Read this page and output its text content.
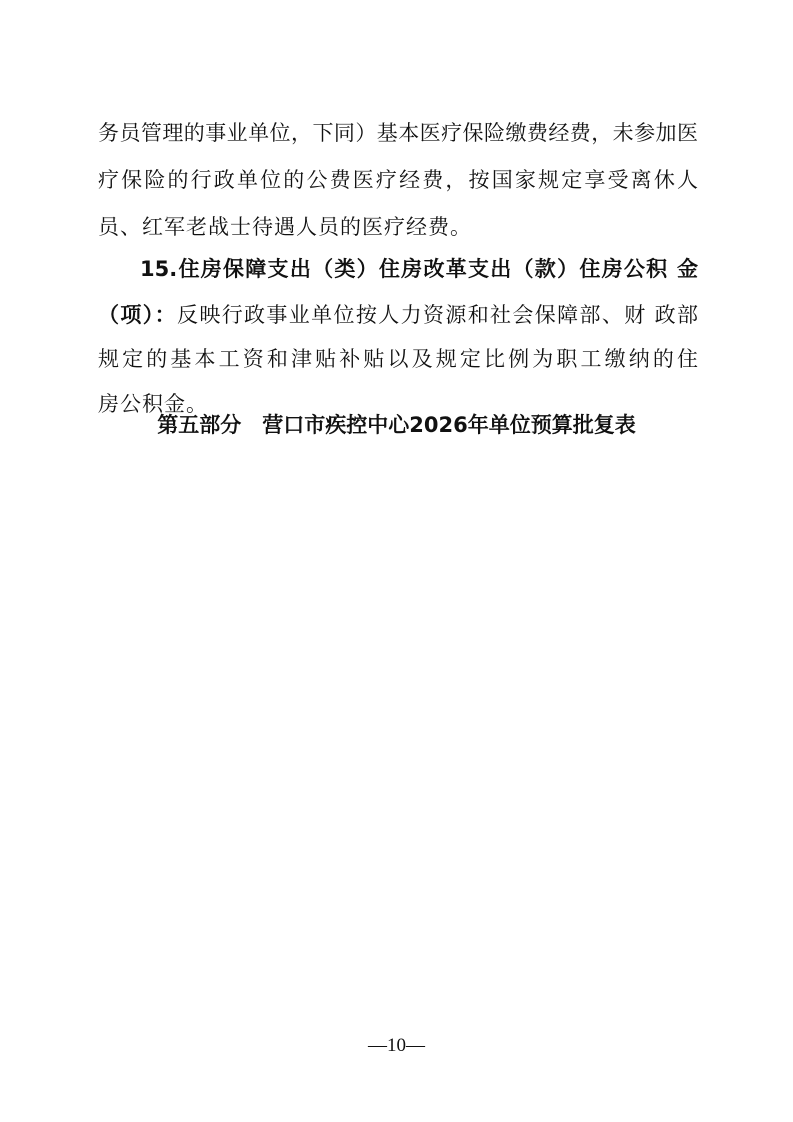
务员管理的事业单位，下同）基本医疗保险缴费经费，未参加医
疗保险的行政单位的公费医疗经费，按国家规定享受离休人
员、红军老战士待遇人员的医疗经费。
15.住房保障支出（类）住房改革支出（款）住房公积 金
（项）：反映行政事业单位按人力资源和社会保障部、财 政部
规定的基本工资和津贴补贴以及规定比例为职工缴纳的住
房公积金。
第五部分　营口市疾控中心2026年单位预算批复表
—10—
